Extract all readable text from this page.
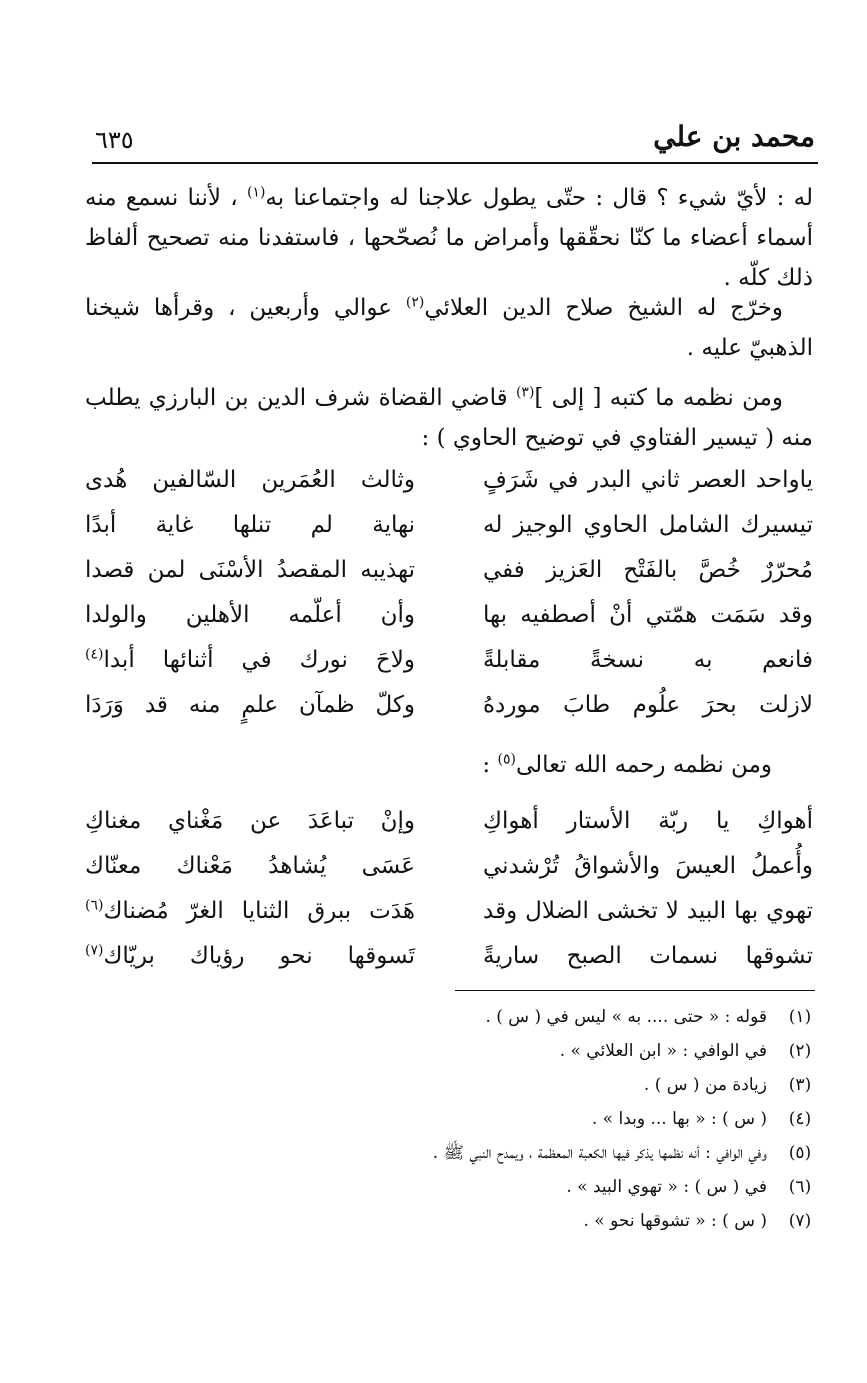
محمد بن علي
٦٣٥

له : لأيّ شيء ؟ قال : حتّى يطول علاجنا له واجتماعنا به$^{(١)}$ ، لأننا نسمع منه أسماء أعضاء ما كنّا نحقّقها وأمراض ما نُصحّحها ، فاستفدنا منه تصحيح ألفاظ ذلك كلّه .

وخرّج له الشيخ صلاح الدين العلائي$^{(٢)}$ عوالي وأربعين ، وقرأها شيخنا الذهبيّ عليه .

ومن نظمه ما كتبه [ إلى ]$^{(٣)}$ قاضي القضاة شرف الدين بن البارزي يطلب منه ( تيسير الفتاوي في توضيح الحاوي ) :

ياواحد العصر ثاني البدر في شَرَفٍ
وثالث العُمَرين السّالفين هُدى
تيسيرك الشامل الحاوي الوجيز له
نهاية لم تنلها غاية أبدًا
مُحرّرٌ خُصَّ بالفَتْح العَزيز ففي
تهذيبه المقصدُ الأسْنَى لمن قصدا
وقد سَمَت همّتي أنْ أصطفيه بها
وأن أعلّمه الأهلين والولدا
فانعم به نسخةً مقابلةً
ولاحَ نورك في أثنائها أبدا$^{(٤)}$
لازلت بحرَ علُوم طابَ موردهُ
وكلّ ظمآن علمٍ منه قد وَرَدَا
ومن نظمه رحمه الله تعالى$^{(٥)}$ :
أهواكِ يا ربّة الأستار أهواكِ
وإنْ تباعَدَ عن مَغْناي مغناكِ
وأُعملُ العيسَ والأشواقُ تُرْشدني
عَسَى يُشاهدُ مَعْناك معنّاك
تهوي بها البيد لا تخشى الضلال وقد
هَدَت ببرق الثنايا الغرّ مُضناك$^{(٦)}$
تشوقها نسمات الصبح ساريةً
تَسوقها نحو رؤياك بريّاك$^{(٧)}$
(١)
قوله : « حتى .... به » ليس في ( س ) .
(٢)
في الوافي : « ابن العلائي » .
(٣)
زيادة من ( س ) .
(٤)
( س ) : « بها ... وبدا » .
(٥)
وفي الوافي : أنه نظمها يذكر فيها الكعبة المعظمة ، ويمدح النبي ﷺ .
(٦)
في ( س ) : « تهوي البيد » .
(٧)
( س ) : « تشوقها نحو » .
